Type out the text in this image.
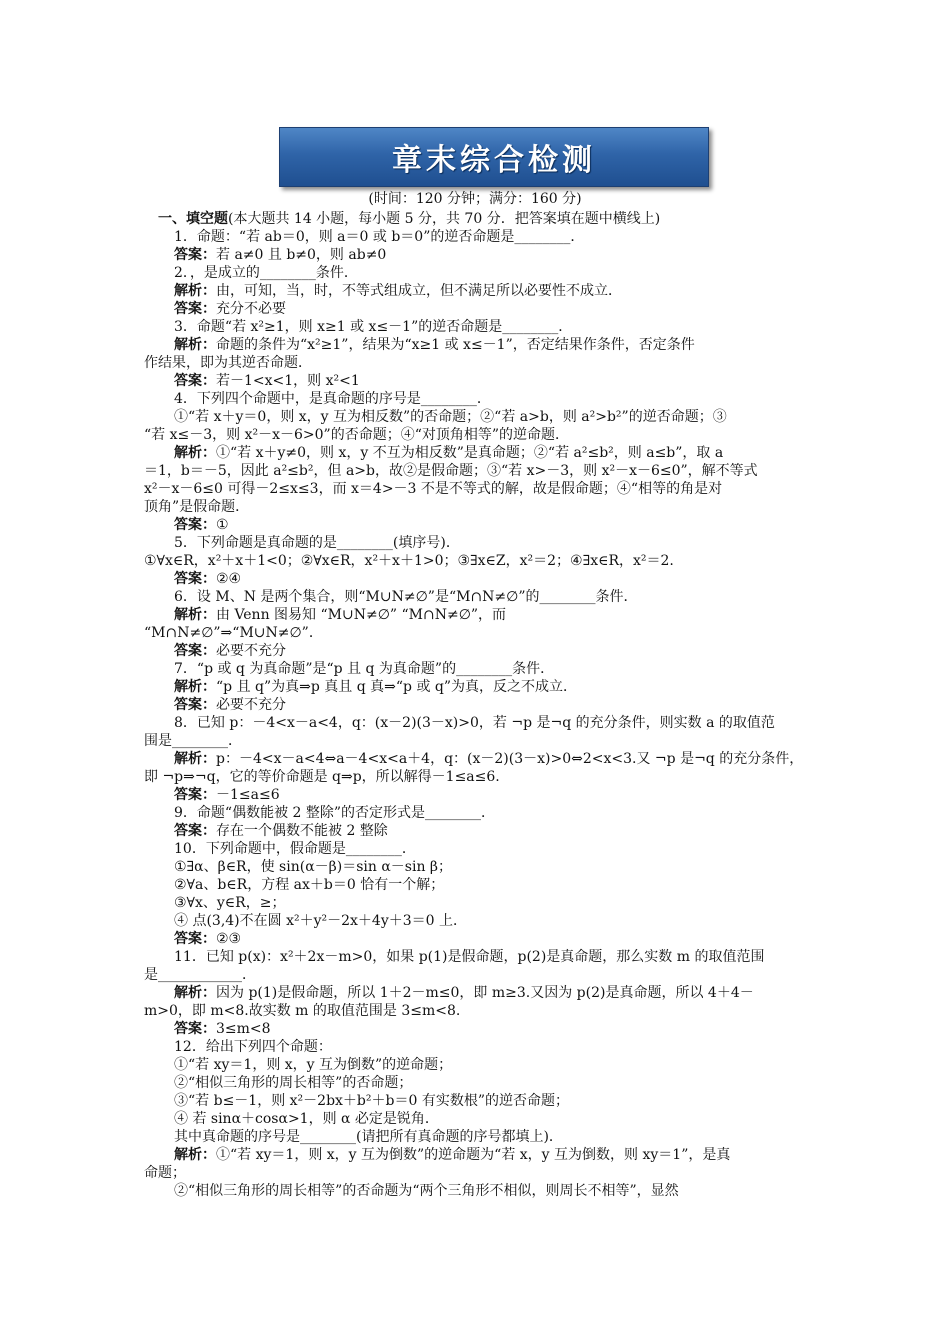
章末综合检测
(时间：120 分钟；满分：160 分)
一、填空题(本大题共 14 小题，每小题 5 分，共 70 分．把答案填在题中横线上)
1．命题：“若 ab＝0，则 a＝0 或 b＝0”的逆否命题是________．
答案：若 a≠0 且 b≠0，则 ab≠0
2．，是成立的________条件．
解析：由，可知，当，时，不等式组成立，但不满足所以必要性不成立．
答案：充分不必要
3．命题“若 x²≥1，则 x≥1 或 x≤－1”的逆否命题是________．
解析：命题的条件为“x²≥1”，结果为“x≥1 或 x≤－1”，否定结果作条件，否定条件
作结果，即为其逆否命题．
答案：若－1<x<1，则 x²<1
4．下列四个命题中，是真命题的序号是________．
①“若 x＋y＝0，则 x，y 互为相反数”的否命题；②“若 a>b，则 a²>b²”的逆否命题；③
“若 x≤－3，则 x²－x－6>0”的否命题；④“对顶角相等”的逆命题．
解析：①“若 x＋y≠0，则 x，y 不互为相反数”是真命题；②“若 a²≤b²，则 a≤b”，取 a
＝1，b＝－5，因此 a²≤b²，但 a>b，故②是假命题；③“若 x>－3，则 x²－x－6≤0”，解不等式
x²－x－6≤0 可得－2≤x≤3，而 x＝4>－3 不是不等式的解，故是假命题；④“相等的角是对
顶角”是假命题．
答案：①
5．下列命题是真命题的是________(填序号)．
①∀x∈R，x²＋x＋1<0；②∀x∈R，x²＋x＋1>0；③∃x∈Z，x²＝2；④∃x∈R，x²＝2.
答案：②④
6．设 M、N 是两个集合，则“M∪N≠∅”是“M∩N≠∅”的________条件．
解析：由 Venn 图易知 “M∪N≠∅” “M∩N≠∅”，而
“M∩N≠∅”⇒“M∪N≠∅”．
答案：必要不充分
7．“p 或 q 为真命题”是“p 且 q 为真命题”的________条件．
解析：“p 且 q”为真⇒p 真且 q 真⇒“p 或 q”为真，反之不成立．
答案：必要不充分
8．已知 p：－4<x－a<4，q：(x－2)(3－x)>0，若 ¬p 是¬q 的充分条件，则实数 a 的取值范
围是________．
解析：p：－4<x－a<4⇔a－4<x<a＋4，q：(x－2)(3－x)>0⇔2<x<3.又 ¬p 是¬q 的充分条件，
即 ¬p⇒¬q，它的等价命题是 q⇒p，所以解得－1≤a≤6.
答案：－1≤a≤6
9．命题“偶数能被 2 整除”的否定形式是________．
答案：存在一个偶数不能被 2 整除
10．下列命题中，假命题是________．
①∃α、β∈R，使 sin(α－β)＝sin α－sin β；
②∀a、b∈R，方程 ax＋b＝0 恰有一个解；
③∀x、y∈R，≥；
④ 点(3,4)不在圆 x²＋y²－2x＋4y＋3＝0 上．
答案：②③
11．已知 p(x)：x²＋2x－m>0，如果 p(1)是假命题，p(2)是真命题，那么实数 m 的取值范围
是____________．
解析：因为 p(1)是假命题，所以 1＋2－m≤0，即 m≥3.又因为 p(2)是真命题，所以 4＋4－
m>0，即 m<8.故实数 m 的取值范围是 3≤m<8.
答案：3≤m<8
12．给出下列四个命题：
①“若 xy＝1，则 x，y 互为倒数”的逆命题；
②“相似三角形的周长相等”的否命题；
③“若 b≤－1，则 x²－2bx＋b²＋b＝0 有实数根”的逆否命题；
④ 若 sinα＋cosα>1，则 α 必定是锐角．
其中真命题的序号是________(请把所有真命题的序号都填上)．
解析：①“若 xy＝1，则 x，y 互为倒数”的逆命题为“若 x，y 互为倒数，则 xy＝1”，是真
命题；
②“相似三角形的周长相等”的否命题为“两个三角形不相似，则周长不相等”，显然
